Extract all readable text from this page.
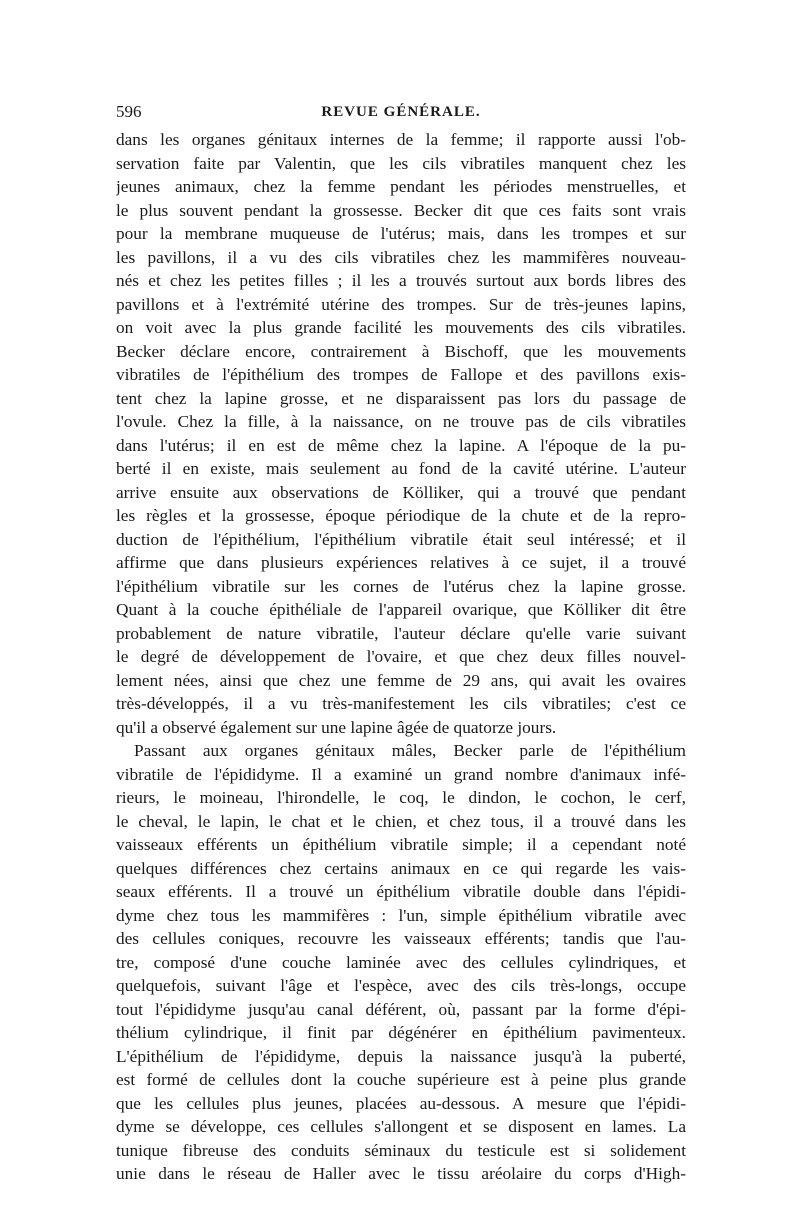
596	REVUE GÉNÉRALE.
dans les organes génitaux internes de la femme; il rapporte aussi l'ob-
servation faite par Valentin, que les cils vibratiles manquent chez les
jeunes animaux, chez la femme pendant les périodes menstruelles, et
le plus souvent pendant la grossesse. Becker dit que ces faits sont vrais
pour la membrane muqueuse de l'utérus; mais, dans les trompes et sur
les pavillons, il a vu des cils vibratiles chez les mammifères nouveau-
nés et chez les petites filles ; il les a trouvés surtout aux bords libres des
pavillons et à l'extrémité utérine des trompes. Sur de très-jeunes lapins,
on voit avec la plus grande facilité les mouvements des cils vibratiles.
Becker déclare encore, contrairement à Bischoff, que les mouvements
vibratiles de l'épithélium des trompes de Fallope et des pavillons exis-
tent chez la lapine grosse, et ne disparaissent pas lors du passage de
l'ovule. Chez la fille, à la naissance, on ne trouve pas de cils vibratiles
dans l'utérus; il en est de même chez la lapine. A l'époque de la pu-
berté il en existe, mais seulement au fond de la cavité utérine. L'auteur
arrive ensuite aux observations de Kölliker, qui a trouvé que pendant
les règles et la grossesse, époque périodique de la chute et de la repro-
duction de l'épithélium, l'épithélium vibratile était seul intéressé; et il
affirme que dans plusieurs expériences relatives à ce sujet, il a trouvé
l'épithélium vibratile sur les cornes de l'utérus chez la lapine grosse.
Quant à la couche épithéliale de l'appareil ovarique, que Kölliker dit être
probablement de nature vibratile, l'auteur déclare qu'elle varie suivant
le degré de développement de l'ovaire, et que chez deux filles nouvel-
lement nées, ainsi que chez une femme de 29 ans, qui avait les ovaires
très-développés, il a vu très-manifestement les cils vibratiles; c'est ce
qu'il a observé également sur une lapine âgée de quatorze jours.
Passant aux organes génitaux mâles, Becker parle de l'épithélium
vibratile de l'épididyme. Il a examiné un grand nombre d'animaux infé-
rieurs, le moineau, l'hirondelle, le coq, le dindon, le cochon, le cerf,
le cheval, le lapin, le chat et le chien, et chez tous, il a trouvé dans les
vaisseaux efférents un épithélium vibratile simple; il a cependant noté
quelques différences chez certains animaux en ce qui regarde les vais-
seaux efférents. Il a trouvé un épithélium vibratile double dans l'épidi-
dyme chez tous les mammifères : l'un, simple épithélium vibratile avec
des cellules coniques, recouvre les vaisseaux efférents; tandis que l'au-
tre, composé d'une couche laminée avec des cellules cylindriques, et
quelquefois, suivant l'âge et l'espèce, avec des cils très-longs, occupe
tout l'épididyme jusqu'au canal déférent, où, passant par la forme d'épi-
thélium cylindrique, il finit par dégénérer en épithélium pavimenteux.
L'épithélium de l'épididyme, depuis la naissance jusqu'à la puberté,
est formé de cellules dont la couche supérieure est à peine plus grande
que les cellules plus jeunes, placées au-dessous. A mesure que l'épidi-
dyme se développe, ces cellules s'allongent et se disposent en lames. La
tunique fibreuse des conduits séminaux du testicule est si solidement
unie dans le réseau de Haller avec le tissu aréolaire du corps d'High-
